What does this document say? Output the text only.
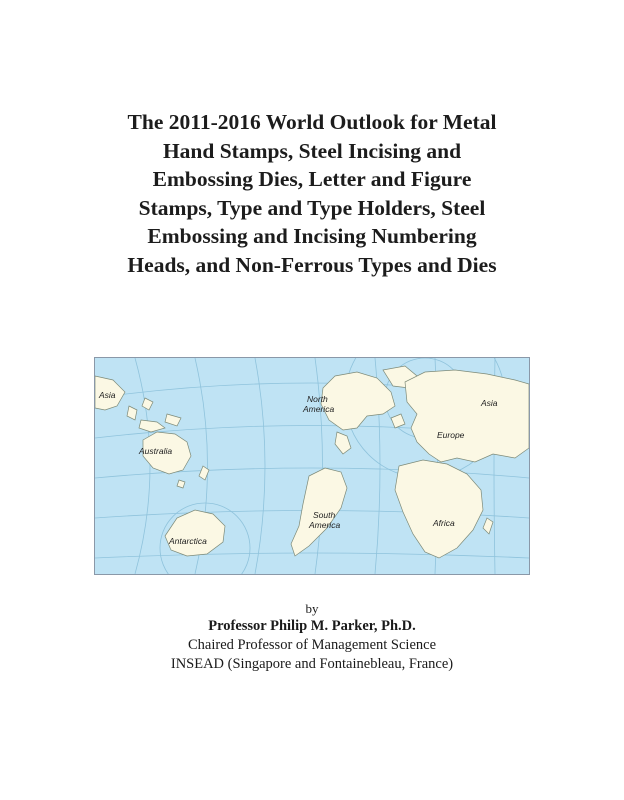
The 2011-2016 World Outlook for Metal
Hand Stamps, Steel Incising and
Embossing Dies, Letter and Figure
Stamps, Type and Type Holders, Steel
Embossing and Incising Numbering
Heads, and Non-Ferrous Types and Dies
Asia
Australia
Antarctica
North
America
Asia
Europe
South
America	Africa
by
Professor Philip M. Parker, Ph.D.
Chaired Professor of Management Science
INSEAD (Singapore and Fontainebleau, France)
